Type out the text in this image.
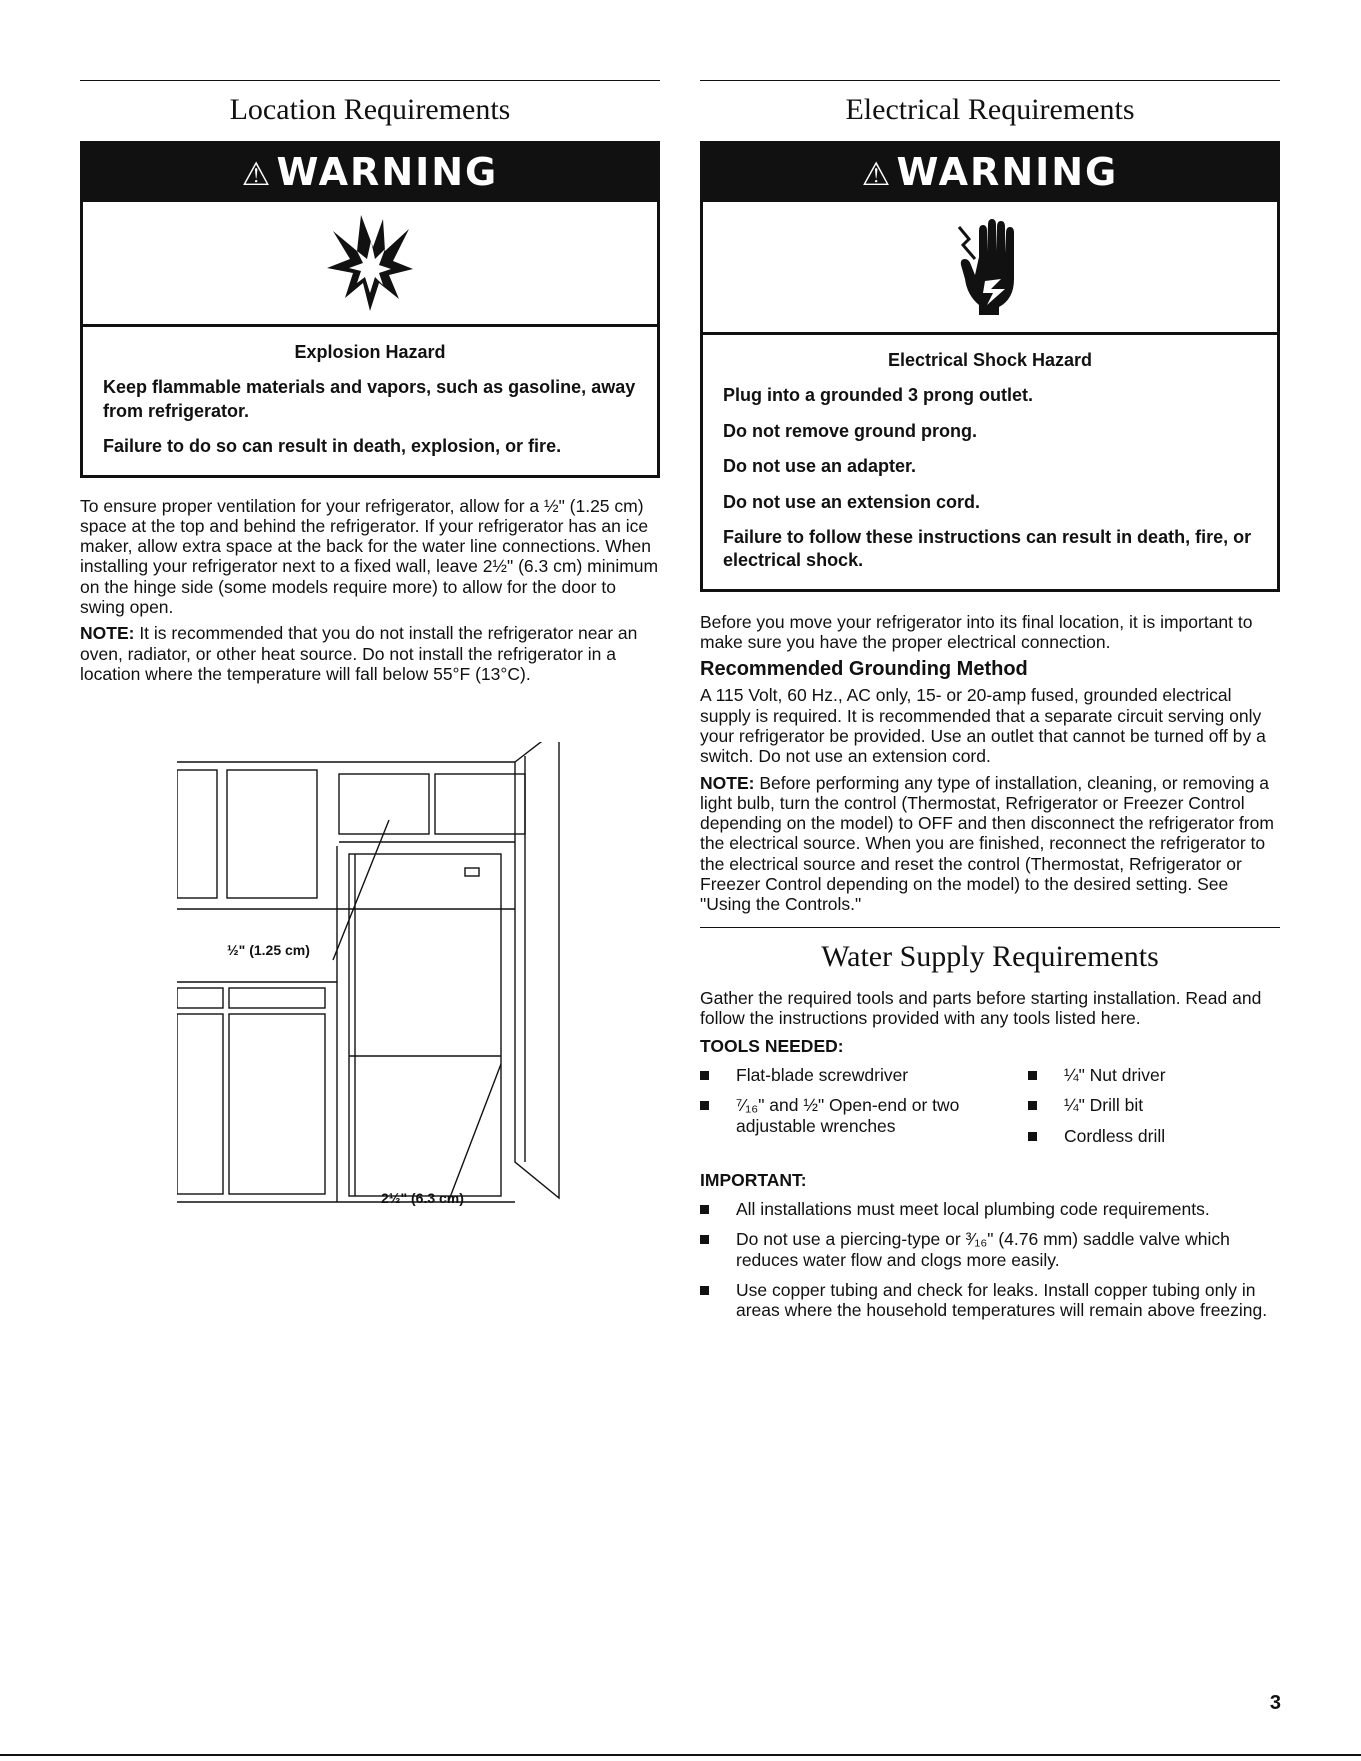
Location Requirements
⚠ WARNING
Explosion Hazard

Keep flammable materials and vapors, such as gasoline, away from refrigerator.

Failure to do so can result in death, explosion, or fire.

To ensure proper ventilation for your refrigerator, allow for a ½" (1.25 cm) space at the top and behind the refrigerator. If your refrigerator has an ice maker, allow extra space at the back for the water line connections. When installing your refrigerator next to a fixed wall, leave 2½" (6.3 cm) minimum on the hinge side (some models require more) to allow for the door to swing open.

NOTE: It is recommended that you do not install the refrigerator near an oven, radiator, or other heat source. Do not install the refrigerator in a location where the temperature will fall below 55°F (13°C).

½" (1.25 cm)
2½" (6.3 cm)
Electrical Requirements
⚠ WARNING
Electrical Shock Hazard

Plug into a grounded 3 prong outlet.

Do not remove ground prong.

Do not use an adapter.

Do not use an extension cord.

Failure to follow these instructions can result in death, fire, or electrical shock.

Before you move your refrigerator into its final location, it is important to make sure you have the proper electrical connection.

Recommended Grounding Method

A 115 Volt, 60 Hz., AC only, 15- or 20-amp fused, grounded electrical supply is required. It is recommended that a separate circuit serving only your refrigerator be provided. Use an outlet that cannot be turned off by a switch. Do not use an extension cord.

NOTE: Before performing any type of installation, cleaning, or removing a light bulb, turn the control (Thermostat, Refrigerator or Freezer Control depending on the model) to OFF and then disconnect the refrigerator from the electrical source. When you are finished, reconnect the refrigerator to the electrical source and reset the control (Thermostat, Refrigerator or Freezer Control depending on the model) to the desired setting. See "Using the Controls."

Water Supply Requirements

Gather the required tools and parts before starting installation. Read and follow the instructions provided with any tools listed here.

TOOLS NEEDED:
Flat-blade screwdriver
⁷⁄₁₆" and ½" Open-end or two adjustable wrenches
¼" Nut driver
¼" Drill bit
Cordless drill
IMPORTANT:
All installations must meet local plumbing code requirements.
Do not use a piercing-type or ³⁄₁₆" (4.76 mm) saddle valve which reduces water flow and clogs more easily.
Use copper tubing and check for leaks. Install copper tubing only in areas where the household temperatures will remain above freezing.
3
